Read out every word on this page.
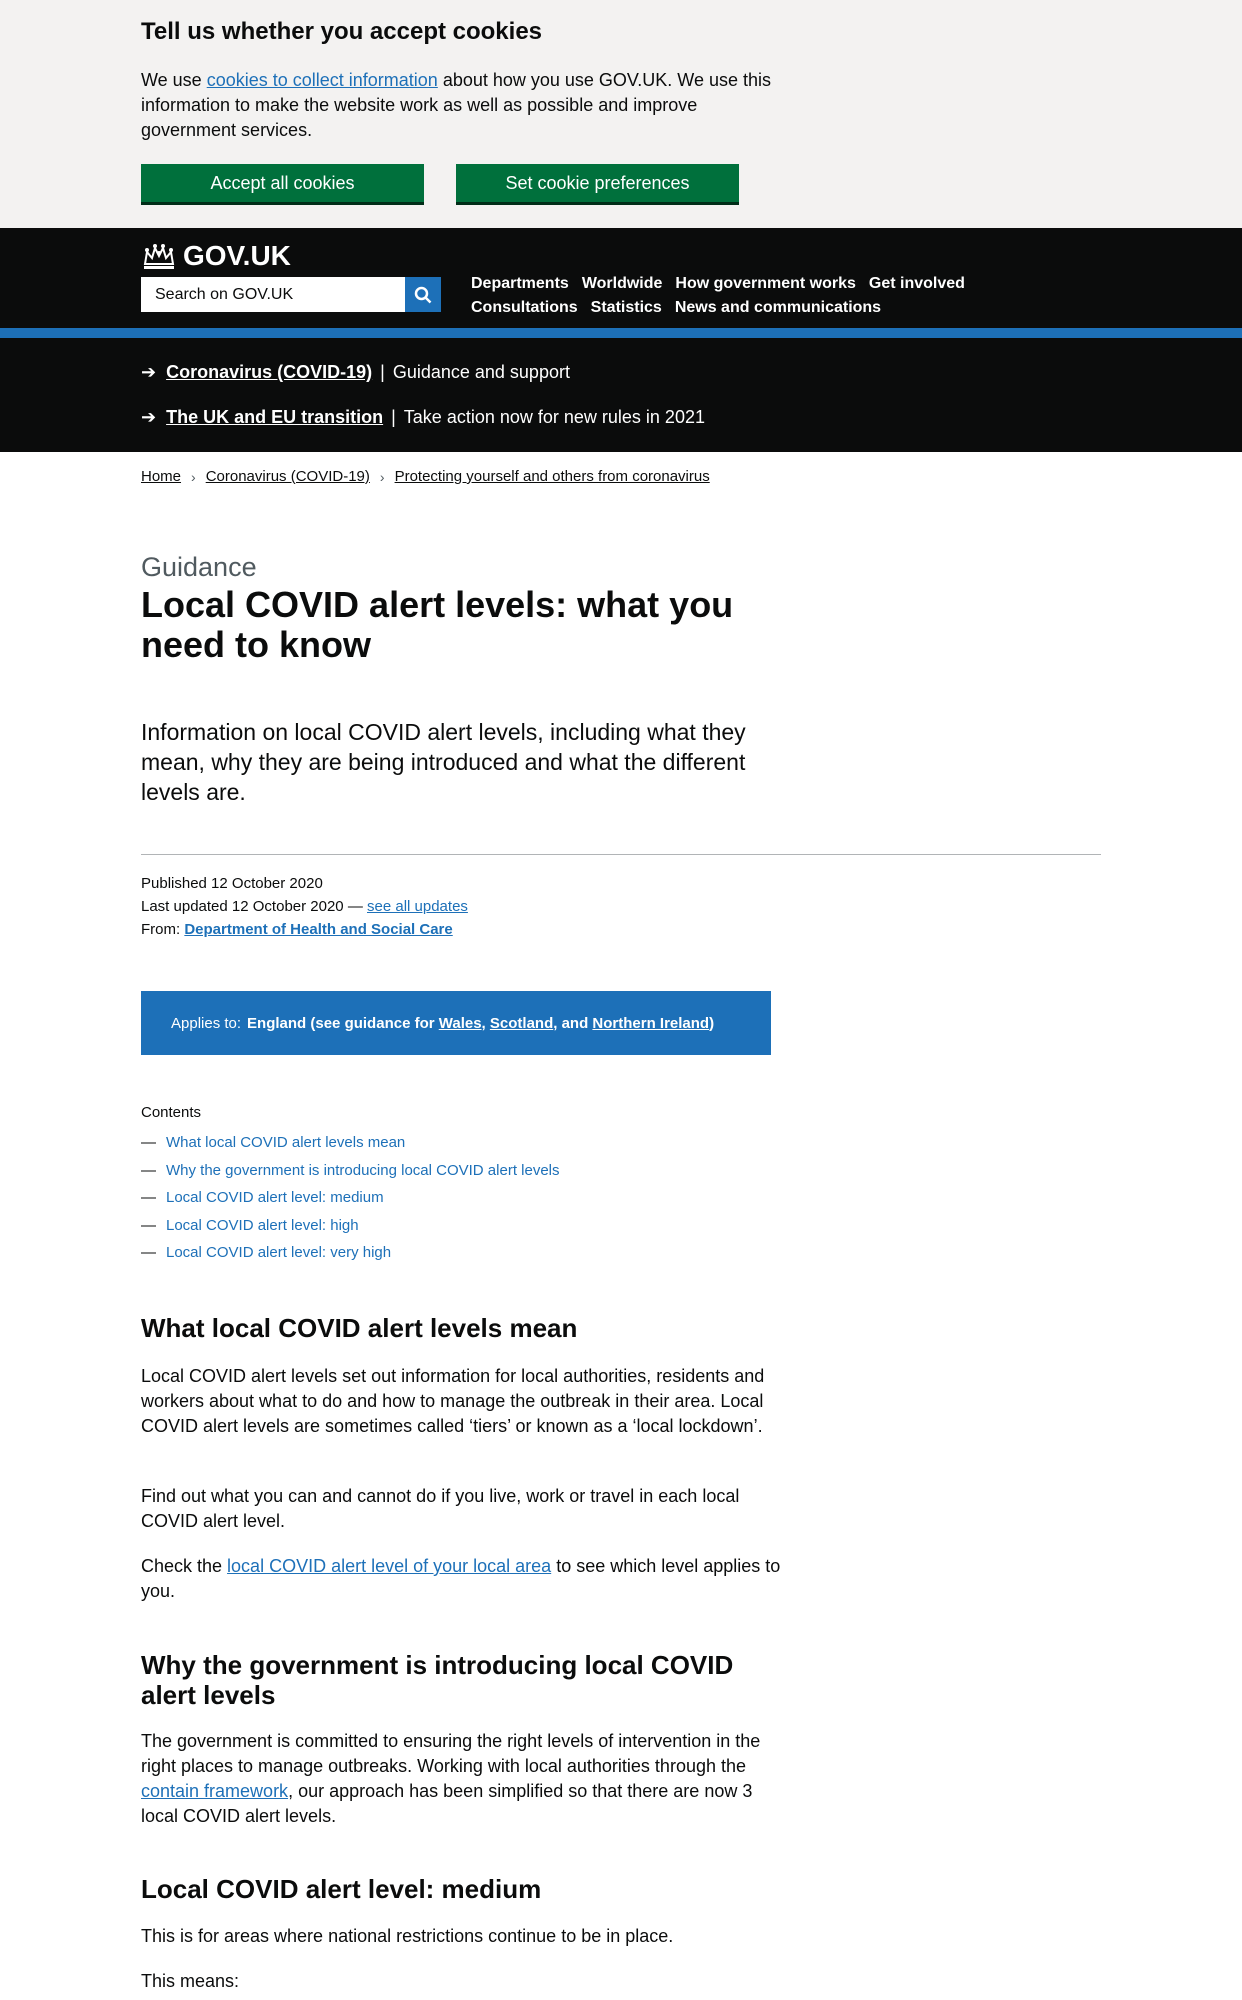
Tell us whether you accept cookies

We use cookies to collect information about how you use GOV.UK. We use this information to make the website work as well as possible and improve government services.

Accept all cookies	Set cookie preferences
GOV.UK
Search on GOV.UK
Departments Worldwide How government works Get involved
Consultations Statistics News and communications
➔ Coronavirus (COVID-19) | Guidance and support
➔ The UK and EU transition | Take action now for new rules in 2021
Home › Coronavirus (COVID-19) › Protecting yourself and others from coronavirus
Guidance
Local COVID alert levels: what you need to know

Information on local COVID alert levels, including what they mean, why they are being introduced and what the different levels are.

Published 12 October 2020
Last updated 12 October 2020 — see all updates
From: Department of Health and Social Care
Applies to: England (see guidance for Wales, Scotland, and Northern Ireland)
Contents
— What local COVID alert levels mean
— Why the government is introducing local COVID alert levels
— Local COVID alert level: medium
— Local COVID alert level: high
— Local COVID alert level: very high
What local COVID alert levels mean

Local COVID alert levels set out information for local authorities, residents and workers about what to do and how to manage the outbreak in their area. Local COVID alert levels are sometimes called ‘tiers’ or known as a ‘local lockdown’.

Find out what you can and cannot do if you live, work or travel in each local COVID alert level.

Check the local COVID alert level of your local area to see which level applies to you.

Why the government is introducing local COVID alert levels

The government is committed to ensuring the right levels of intervention in the right places to manage outbreaks. Working with local authorities through the contain framework, our approach has been simplified so that there are now 3 local COVID alert levels.

Local COVID alert level: medium

This is for areas where national restrictions continue to be in place.

This means:
